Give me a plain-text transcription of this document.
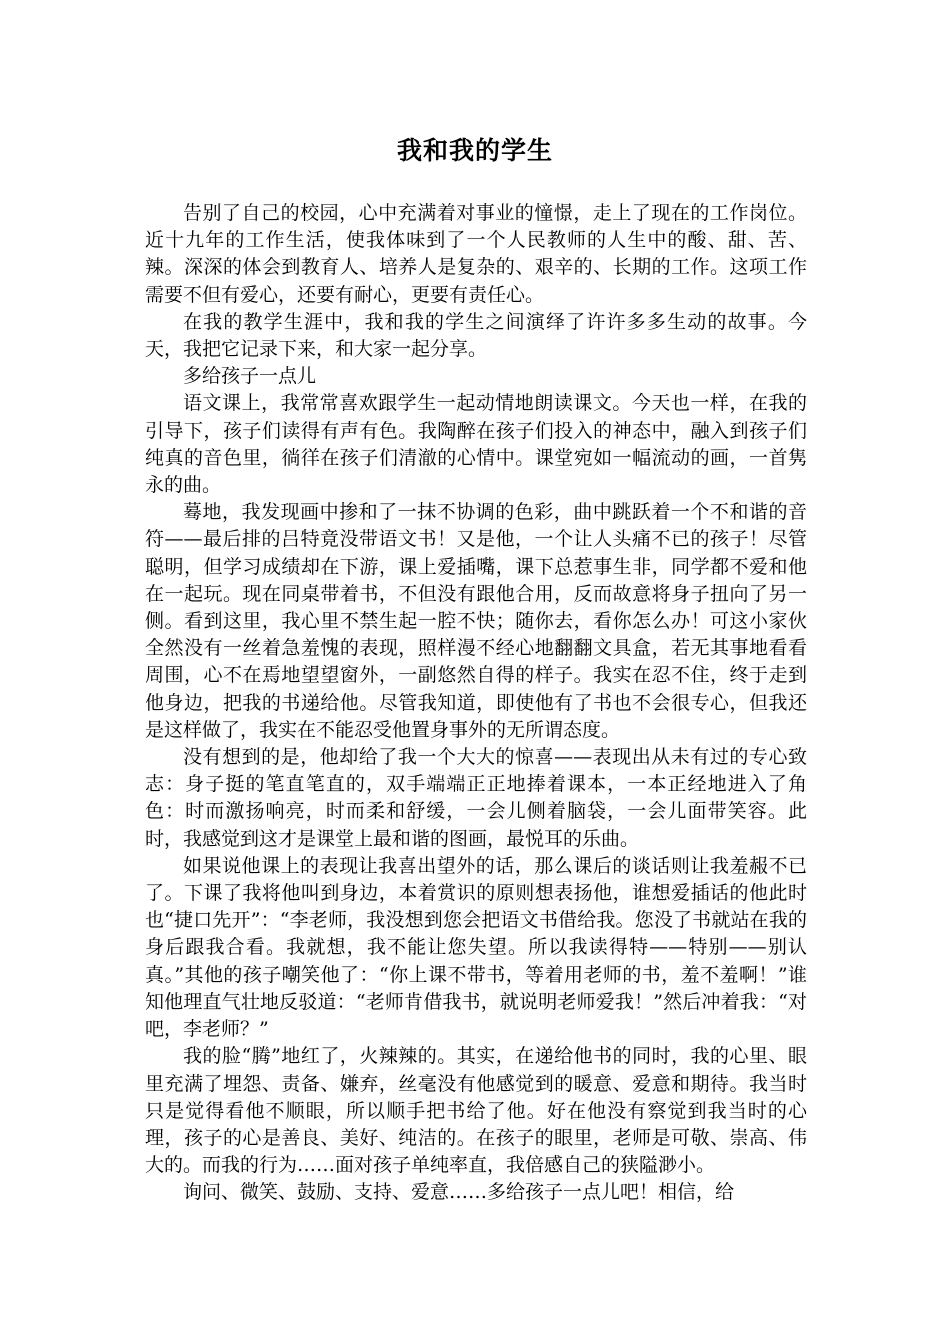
我和我的学生

告别了自己的校园，心中充满着对事业的憧憬，走上了现在的工作岗位。近十九年的工作生活，使我体味到了一个人民教师的人生中的酸、甜、苦、辣。深深的体会到教育人、培养人是复杂的、艰辛的、长期的工作。这项工作需要不但有爱心，还要有耐心，更要有责任心。

在我的教学生涯中，我和我的学生之间演绎了许许多多生动的故事。今天，我把它记录下来，和大家一起分享。

多给孩子一点儿

语文课上，我常常喜欢跟学生一起动情地朗读课文。今天也一样，在我的引导下，孩子们读得有声有色。我陶醉在孩子们投入的神态中，融入到孩子们纯真的音色里，徜徉在孩子们清澈的心情中。课堂宛如一幅流动的画，一首隽永的曲。

蓦地，我发现画中掺和了一抹不协调的色彩，曲中跳跃着一个不和谐的音符——最后排的吕特竟没带语文书！又是他，一个让人头痛不已的孩子！尽管聪明，但学习成绩却在下游，课上爱插嘴，课下总惹事生非，同学都不爱和他在一起玩。现在同桌带着书，不但没有跟他合用，反而故意将身子扭向了另一侧。看到这里，我心里不禁生起一腔不快；随你去，看你怎么办！可这小家伙全然没有一丝着急羞愧的表现，照样漫不经心地翻翻文具盒，若无其事地看看周围，心不在焉地望望窗外，一副悠然自得的样子。我实在忍不住，终于走到他身边，把我的书递给他。尽管我知道，即使他有了书也不会很专心，但我还是这样做了，我实在不能忍受他置身事外的无所谓态度。

没有想到的是，他却给了我一个大大的惊喜——表现出从未有过的专心致志：身子挺的笔直笔直的，双手端端正正地捧着课本，一本正经地进入了角色：时而激扬响亮，时而柔和舒缓，一会儿侧着脑袋，一会儿面带笑容。此时，我感觉到这才是课堂上最和谐的图画，最悦耳的乐曲。

如果说他课上的表现让我喜出望外的话，那么课后的谈话则让我羞赧不已了。下课了我将他叫到身边，本着赏识的原则想表扬他，谁想爱插话的他此时也“捷口先开”：“李老师，我没想到您会把语文书借给我。您没了书就站在我的身后跟我合看。我就想，我不能让您失望。所以我读得特——特别——别认真。”其他的孩子嘲笑他了：“你上课不带书，等着用老师的书，羞不羞啊！”谁知他理直气壮地反驳道：“老师肯借我书，就说明老师爱我！”然后冲着我：“对吧，李老师？”

我的脸“腾”地红了，火辣辣的。其实，在递给他书的同时，我的心里、眼里充满了埋怨、责备、嫌弃，丝毫没有他感觉到的暖意、爱意和期待。我当时只是觉得看他不顺眼，所以顺手把书给了他。好在他没有察觉到我当时的心理，孩子的心是善良、美好、纯洁的。在孩子的眼里，老师是可敬、崇高、伟大的。而我的行为……面对孩子单纯率直，我倍感自己的狭隘渺小。

询问、微笑、鼓励、支持、爱意……多给孩子一点儿吧！相信，给
